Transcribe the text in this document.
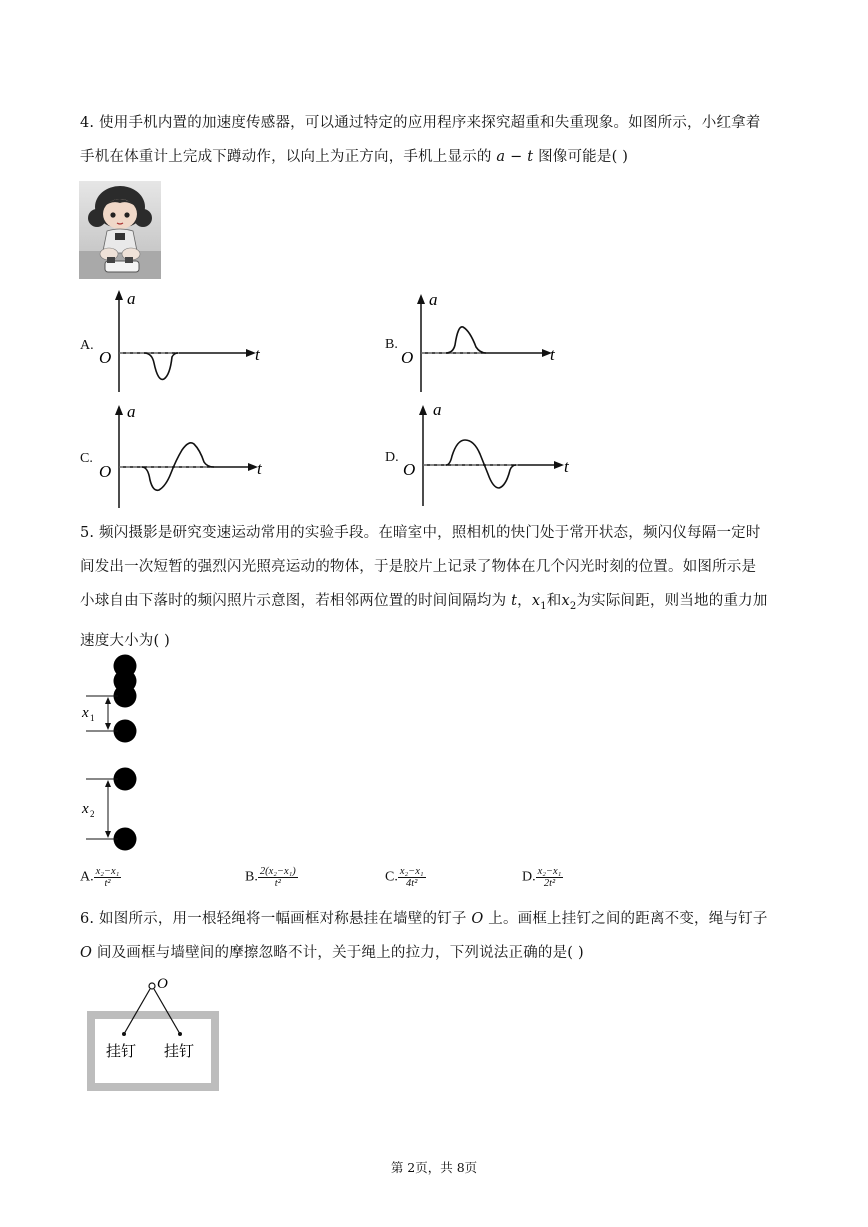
4. 使用手机内置的加速度传感器，可以通过特定的应用程序来探究超重和失重现象。如图所示，小红拿着

手机在体重计上完成下蹲动作，以向上为正方向，手机上显示的 a − t 图像可能是( )

A.
a
t
O
B.
a
t
O
C.
a
t
O
D.
a
t
O

5. 频闪摄影是研究变速运动常用的实验手段。在暗室中，照相机的快门处于常开状态，频闪仪每隔一定时

间发出一次短暂的强烈闪光照亮运动的物体，于是胶片上记录了物体在几个闪光时刻的位置。如图所示是

小球自由下落时的频闪照片示意图，若相邻两位置的时间间隔均为 t，$x_1$和$x_2$为实际间距，则当地的重力加

速度大小为( )

x 1
x 2
A. $\frac{\text{x₂−x₁}}{\text{t²}}$	B. $\frac{\text{2(x₂−x₁)}}{\text{t²}}$	C. $\frac{\text{x₂−x₁}}{\text{4t²}}$	D. $\frac{\text{x₂−x₁}}{\text{2t²}}$

6. 如图所示，用一根轻绳将一幅画框对称悬挂在墙壁的钉子 O 上。画框上挂钉之间的距离不变，绳与钉子

O 间及画框与墙壁间的摩擦忽略不计，关于绳上的拉力，下列说法正确的是( )

O
挂钉 挂钉
第 2页，共 8页
